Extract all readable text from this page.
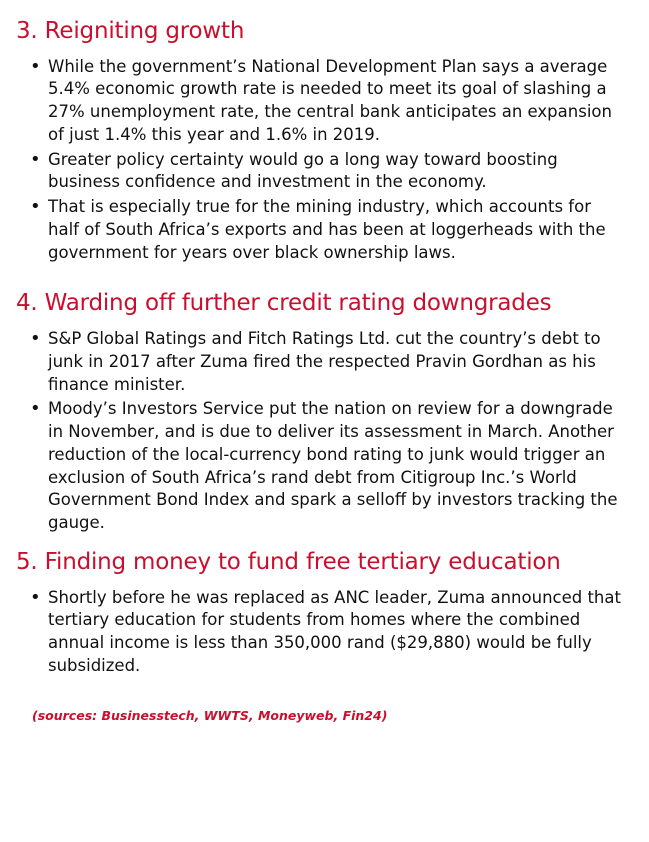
3. Reigniting growth
• While the government’s National Development Plan says a average 5.4% economic growth rate is needed to meet its goal of slashing a 27% unemployment rate, the central bank anticipates an expansion of just 1.4% this year and 1.6% in 2019.
• Greater policy certainty would go a long way toward boosting business confidence and investment in the economy.
• That is especially true for the mining industry, which accounts for half of South Africa’s exports and has been at loggerheads with the government for years over black ownership laws.
4. Warding off further credit rating downgrades
• S&P Global Ratings and Fitch Ratings Ltd. cut the country’s debt to junk in 2017 after Zuma fired the respected Pravin Gordhan as his finance minister.
• Moody’s Investors Service put the nation on review for a downgrade in November, and is due to deliver its assessment in March. Another reduction of the local-currency bond rating to junk would trigger an exclusion of South Africa’s rand debt from Citigroup Inc.’s World Government Bond Index and spark a selloff by investors tracking the gauge.
5. Finding money to fund free tertiary education
• Shortly before he was replaced as ANC leader, Zuma announced that tertiary education for students from homes where the combined annual income is less than 350,000 rand ($29,880) would be fully subsidized.
(sources: Businesstech, WWTS, Moneyweb, Fin24)
